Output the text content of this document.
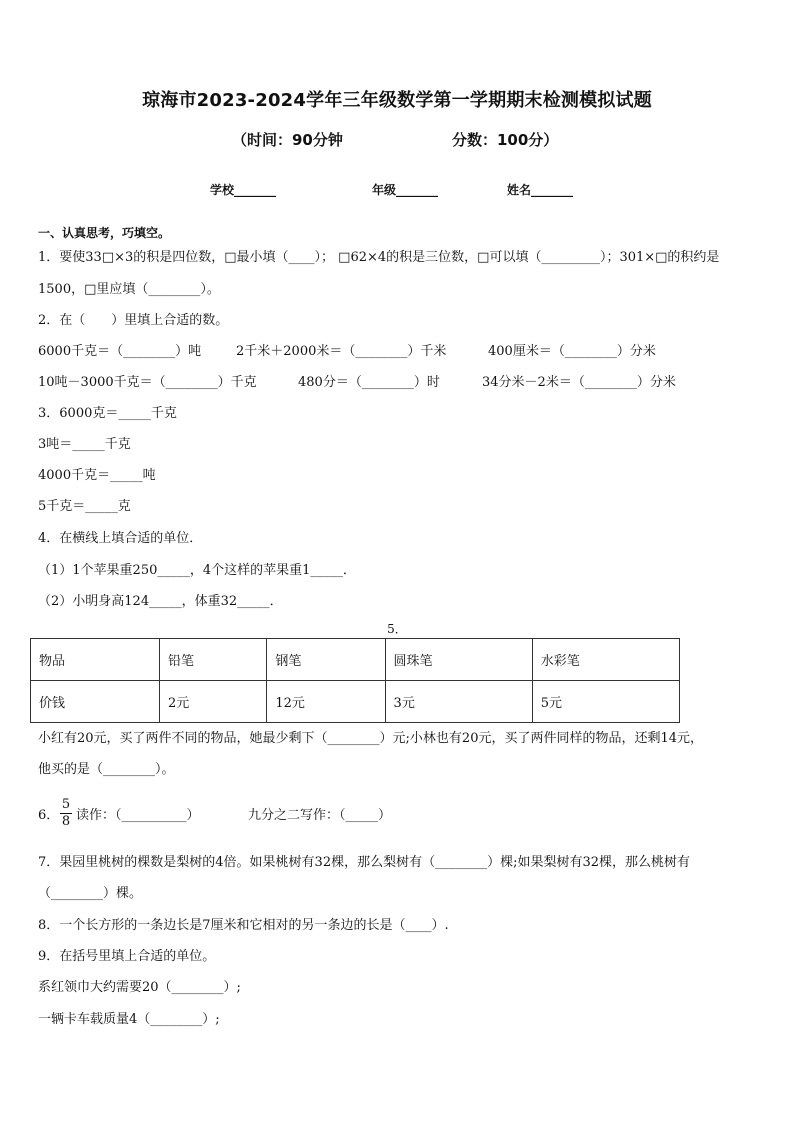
琼海市2023-2024学年三年级数学第一学期期末检测模拟试题
（时间：90分钟	分数：100分）
学校_______	年级_______	姓名_______
一、认真思考，巧填空。
1．要使33□×3的积是四位数，□最小填（____）； □62×4的积是三位数，□可以填（_________）；301×□的积约是
1500，□里应填（________）。
2．在（　　）里填上合适的数。
6000千克＝（________）吨	2千米＋2000米＝（________）千米	400厘米＝（________）分米
10吨－3000千克＝（________）千克	480分＝（________）时	34分米－2米＝（________）分米
3．6000克＝_____千克
3吨＝_____千克
4000千克＝_____吨
5千克＝_____克
4．在横线上填合适的单位．
（1）1个苹果重250_____，4个这样的苹果重1_____．
（2）小明身高124_____，体重32_____．
5．
物品	铅笔	钢笔	圆珠笔	水彩笔
价钱	2元	12元	3元	5元
小红有20元，买了两件不同的物品，她最少剩下（________）元;小林也有20元，买了两件同样的物品，还剩14元，
他买的是（________）。
6． $\frac{5}{8}$ 读作：（__________）	九分之二写作：（_____）
7．果园里桃树的棵数是梨树的4倍。如果桃树有32棵，那么梨树有（________）棵;如果梨树有32棵，那么桃树有
（________）棵。
8．一个长方形的一条边长是7厘米和它相对的另一条边的长是（____）.
9．在括号里填上合适的单位。
系红领巾大约需要20（________）;
一辆卡车载质量4（________）;
